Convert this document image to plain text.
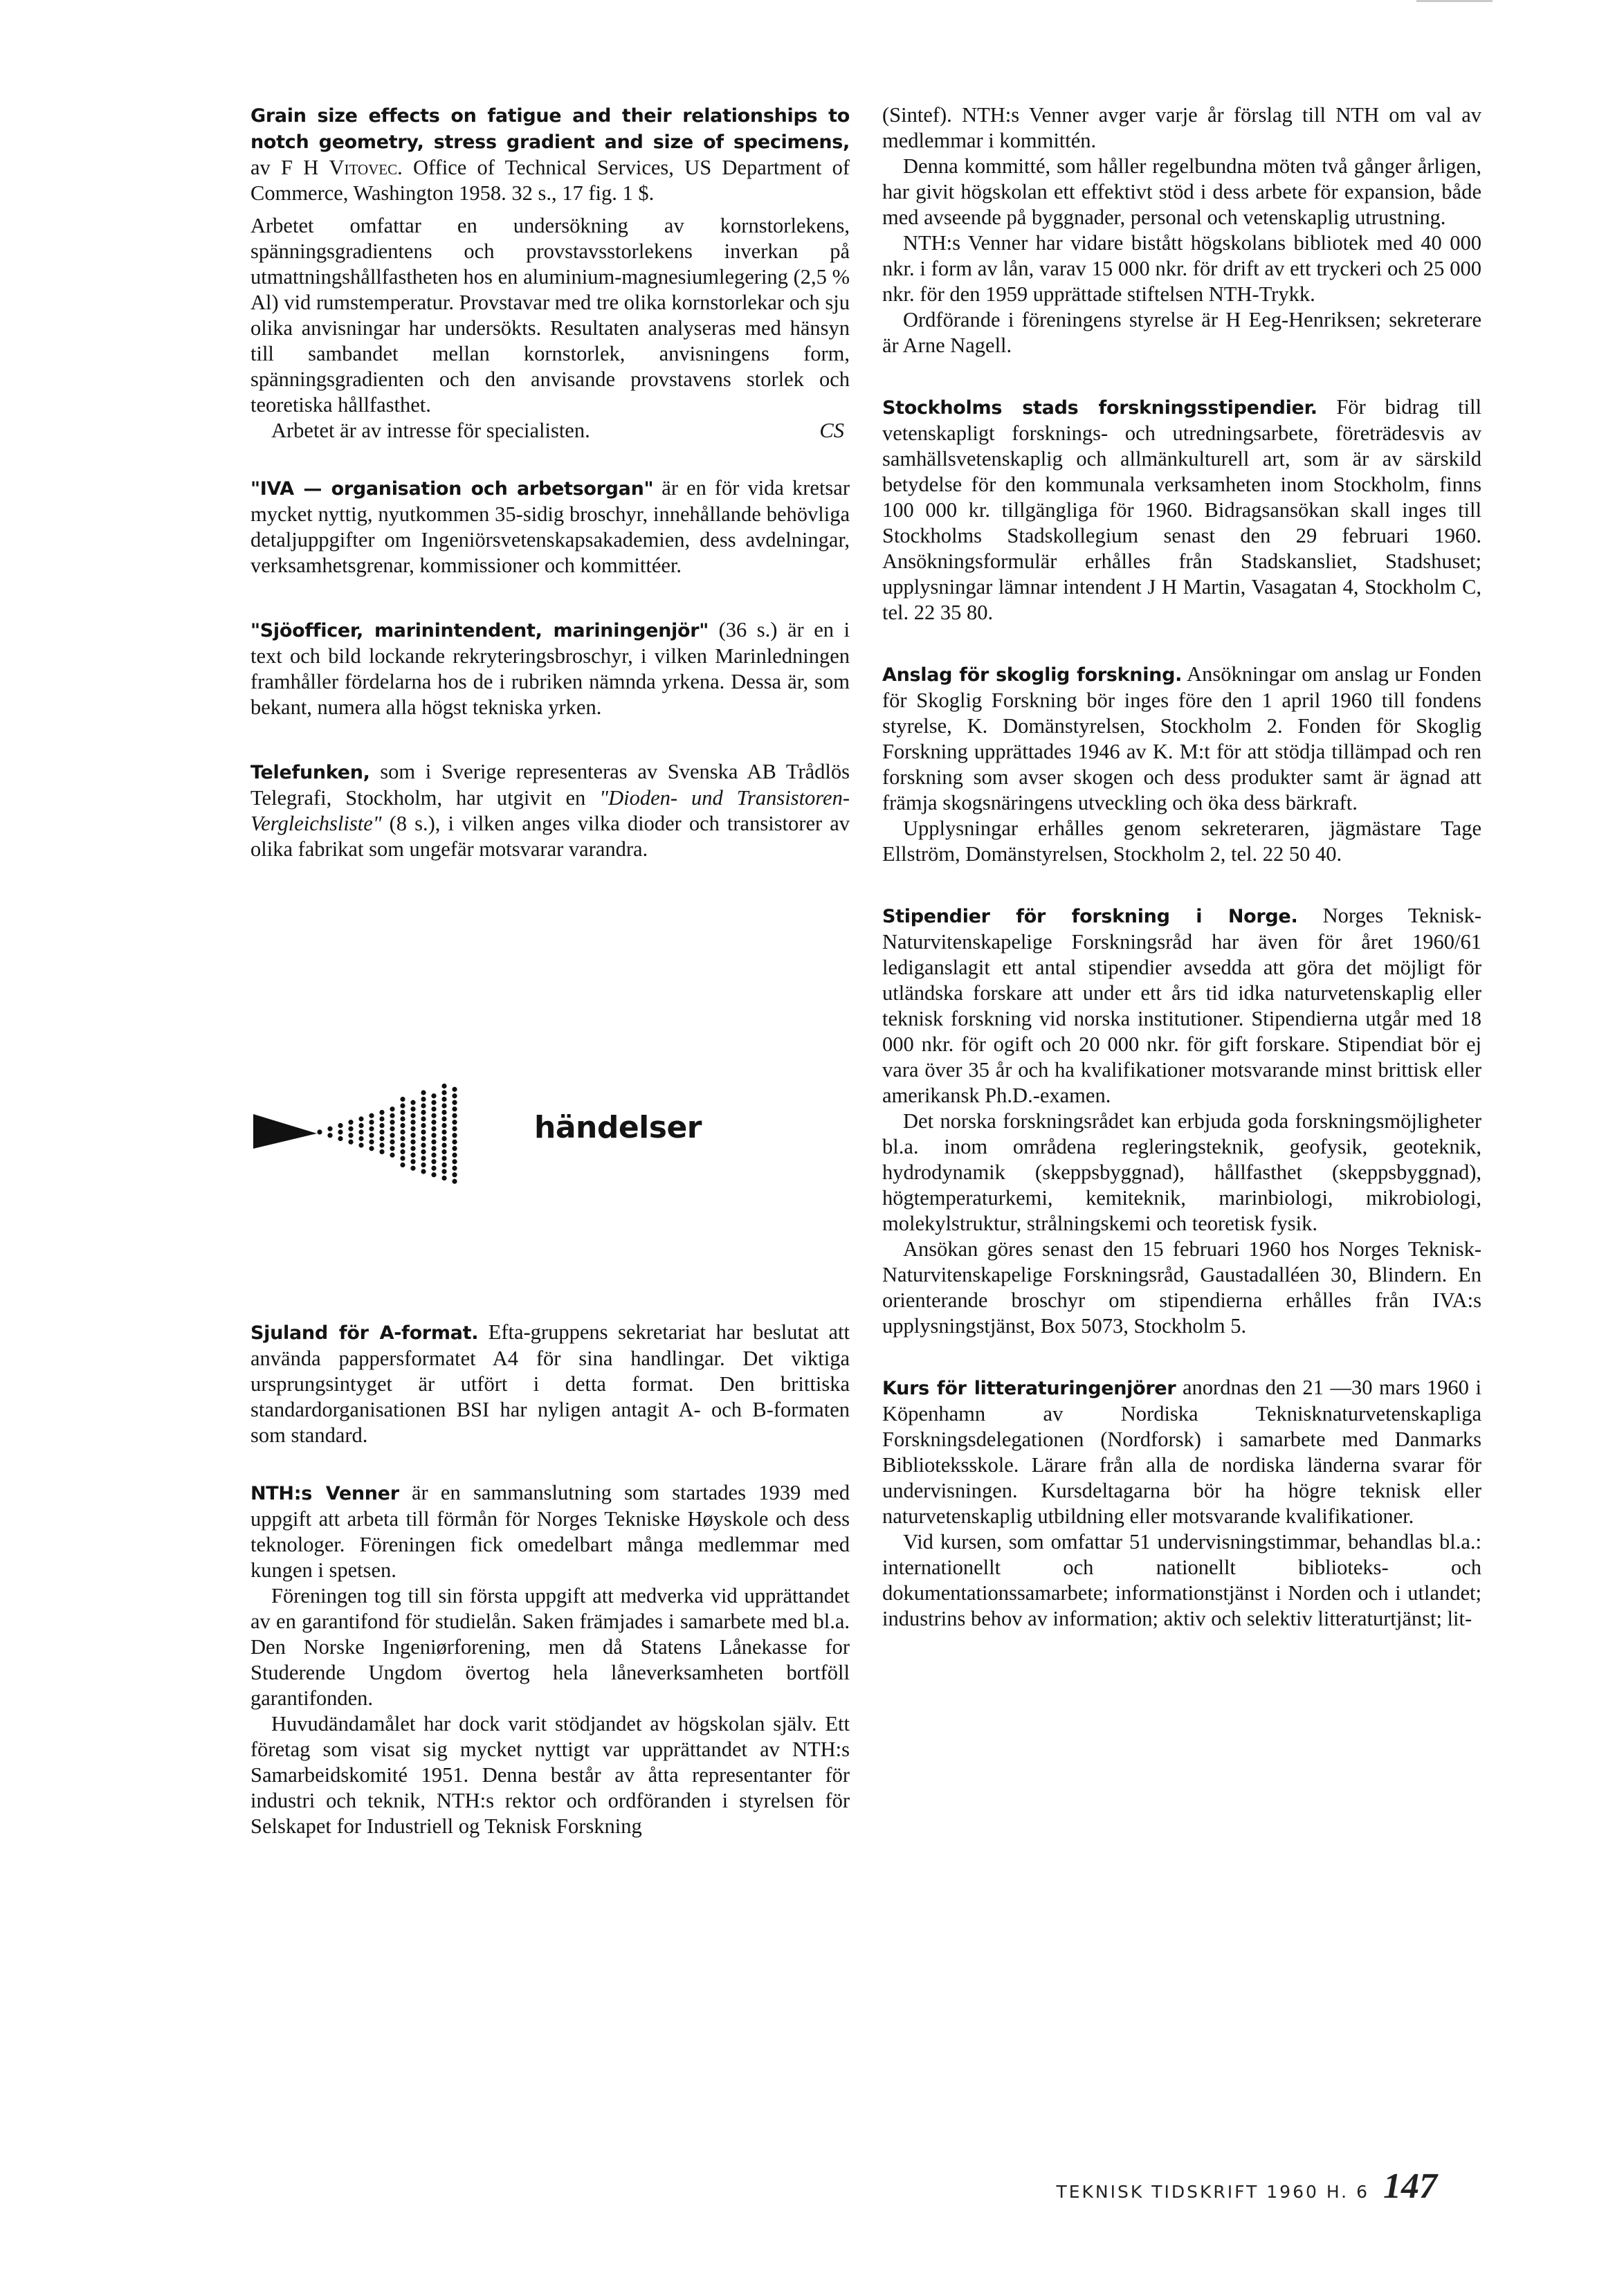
Grain size effects on fatigue and their relationships to notch geometry, stress gradient and size of specimens, av F H Vitovec. Office of Technical Services, US Department of Commerce, Washington 1958. 32 s., 17 fig. 1 $.

Arbetet omfattar en undersökning av kornstorlekens, spänningsgradientens och provstavsstorlekens inverkan på utmattningshållfastheten hos en aluminium-magnesiumlegering (2,5 % Al) vid rumstemperatur. Provstavar med tre olika kornstorlekar och sju olika anvisningar har undersökts. Resultaten analyseras med hänsyn till sambandet mellan kornstorlek, anvisningens form, spänningsgradienten och den anvisande provstavens storlek och teoretiska hållfasthet.

Arbetet är av intresse för specialisten.	CS

"IVA — organisation och arbetsorgan" är en för vida kretsar mycket nyttig, nyutkommen 35-sidig broschyr, innehållande behövliga detaljuppgifter om Ingeniörsvetenskapsakademien, dess avdelningar, verksamhetsgrenar, kommissioner och kommittéer.

"Sjöofficer, marinintendent, mariningenjör" (36 s.) är en i text och bild lockande rekryteringsbroschyr, i vilken Marinledningen framhåller fördelarna hos de i rubriken nämnda yrkena. Dessa är, som bekant, numera alla högst tekniska yrken.

Telefunken, som i Sverige representeras av Svenska AB Trådlös Telegrafi, Stockholm, har utgivit en "Dioden- und Transistoren-Vergleichsliste" (8 s.), i vilken anges vilka dioder och transistorer av olika fabrikat som ungefär motsvarar varandra.

händelser

Sjuland för A-format. Efta-gruppens sekretariat har beslutat att använda pappersformatet A4 för sina handlingar. Det viktiga ursprungsintyget är utfört i detta format. Den brittiska standardorganisationen BSI har nyligen antagit A- och B-formaten som standard.

NTH:s Venner är en sammanslutning som startades 1939 med uppgift att arbeta till förmån för Norges Tekniske Høyskole och dess teknologer. Föreningen fick omedelbart många medlemmar med kungen i spetsen.

Föreningen tog till sin första uppgift att medverka vid upprättandet av en garantifond för studielån. Saken främjades i samarbete med bl.a. Den Norske Ingeniørforening, men då Statens Lånekasse for Studerende Ungdom övertog hela låneverksamheten bortföll garantifonden.

Huvudändamålet har dock varit stödjandet av högskolan själv. Ett företag som visat sig mycket nyttigt var upprättandet av NTH:s Samarbeidskomité 1951. Denna består av åtta representanter för industri och teknik, NTH:s rektor och ordföranden i styrelsen för Selskapet for Industriell og Teknisk Forskning

(Sintef). NTH:s Venner avger varje år förslag till NTH om val av medlemmar i kommittén.

Denna kommitté, som håller regelbundna möten två gånger årligen, har givit högskolan ett effektivt stöd i dess arbete för expansion, både med avseende på byggnader, personal och vetenskaplig utrustning.

NTH:s Venner har vidare bistått högskolans bibliotek med 40 000 nkr. i form av lån, varav 15 000 nkr. för drift av ett tryckeri och 25 000 nkr. för den 1959 upprättade stiftelsen NTH-Trykk.

Ordförande i föreningens styrelse är H Eeg-Henriksen; sekreterare är Arne Nagell.

Stockholms stads forskningsstipendier. För bidrag till vetenskapligt forsknings- och utredningsarbete, företrädesvis av samhällsvetenskaplig och allmänkulturell art, som är av särskild betydelse för den kommunala verksamheten inom Stockholm, finns 100 000 kr. tillgängliga för 1960. Bidragsansökan skall inges till Stockholms Stadskollegium senast den 29 februari 1960. Ansökningsformulär erhålles från Stadskansliet, Stadshuset; upplysningar lämnar intendent J H Martin, Vasagatan 4, Stockholm C, tel. 22 35 80.

Anslag för skoglig forskning. Ansökningar om anslag ur Fonden för Skoglig Forskning bör inges före den 1 april 1960 till fondens styrelse, K. Domänstyrelsen, Stockholm 2. Fonden för Skoglig Forskning upprättades 1946 av K. M:t för att stödja tillämpad och ren forskning som avser skogen och dess produkter samt är ägnad att främja skogsnäringens utveckling och öka dess bärkraft.

Upplysningar erhålles genom sekreteraren, jägmästare Tage Ellström, Domänstyrelsen, Stockholm 2, tel. 22 50 40.

Stipendier för forskning i Norge. Norges Teknisk-Naturvitenskapelige Forskningsråd har även för året 1960/61 lediganslagit ett antal stipendier avsedda att göra det möjligt för utländska forskare att under ett års tid idka naturvetenskaplig eller teknisk forskning vid norska institutioner. Stipendierna utgår med 18 000 nkr. för ogift och 20 000 nkr. för gift forskare. Stipendiat bör ej vara över 35 år och ha kvalifikationer motsvarande minst brittisk eller amerikansk Ph.D.-examen.

Det norska forskningsrådet kan erbjuda goda forskningsmöjligheter bl.a. inom områdena regleringsteknik, geofysik, geoteknik, hydrodynamik (skeppsbyggnad), hållfasthet (skeppsbyggnad), högtemperaturkemi, kemiteknik, marinbiologi, mikrobiologi, molekylstruktur, strålningskemi och teoretisk fysik.

Ansökan göres senast den 15 februari 1960 hos Norges Teknisk-Naturvitenskapelige Forskningsråd, Gaustadalléen 30, Blindern. En orienterande broschyr om stipendierna erhålles från IVA:s upplysningstjänst, Box 5073, Stockholm 5.

Kurs för litteraturingenjörer anordnas den 21 —30 mars 1960 i Köpenhamn av Nordiska Teknisknaturvetenskapliga Forskningsdelegationen (Nordforsk) i samarbete med Danmarks Biblioteksskole. Lärare från alla de nordiska länderna svarar för undervisningen. Kursdeltagarna bör ha högre teknisk eller naturvetenskaplig utbildning eller motsvarande kvalifikationer.

Vid kursen, som omfattar 51 undervisningstimmar, behandlas bl.a.: internationellt och nationellt biblioteks- och dokumentationssamarbete; informationstjänst i Norden och i utlandet; industrins behov av information; aktiv och selektiv litteraturtjänst; lit-

TEKNISK TIDSKRIFT 1960 H. 6 147
